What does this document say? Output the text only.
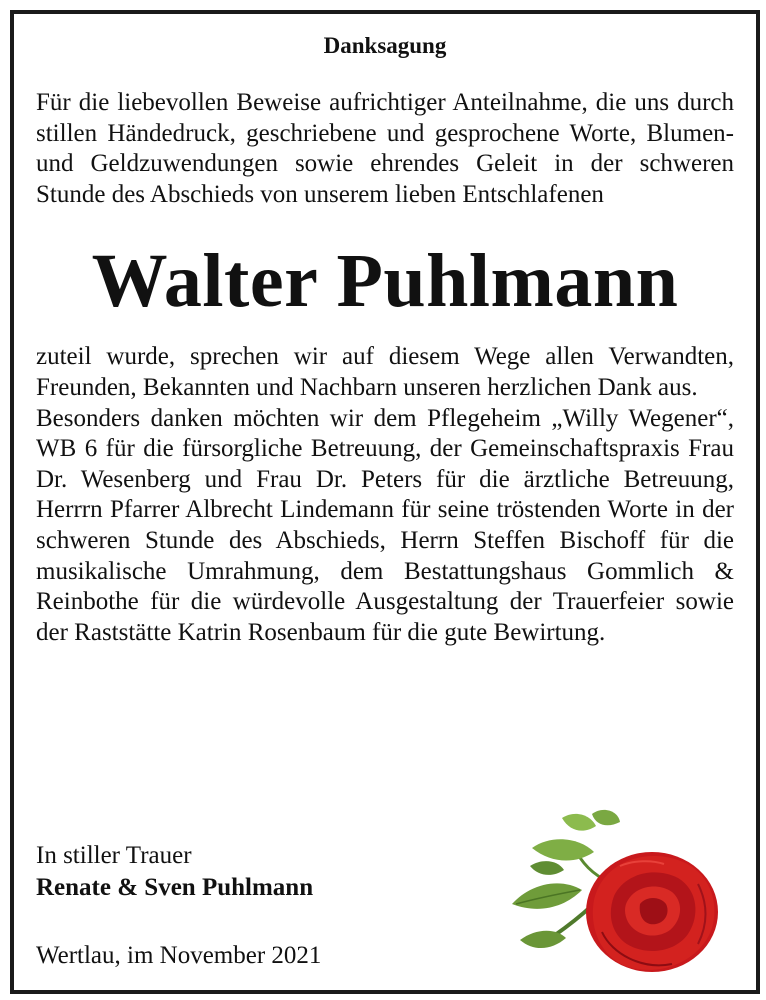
Danksagung

Für die liebevollen Beweise aufrichtiger Anteilnahme, die uns durch stillen Händedruck, geschriebene und gesprochene Worte, Blumen- und Geldzuwendungen sowie ehrendes Geleit in der schweren Stunde des Abschieds von unserem lieben Entschlafenen

Walter Puhlmann

zuteil wurde, sprechen wir auf diesem Wege allen Verwandten, Freunden, Bekannten und Nachbarn unseren herzlichen Dank aus.

Besonders danken möchten wir dem Pflegeheim „Willy Wegener“, WB 6 für die fürsorgliche Betreuung, der Gemeinschaftspraxis Frau Dr. Wesenberg und Frau Dr. Peters für die ärztliche Betreuung, Herrrn Pfarrer Albrecht Lindemann für seine tröstenden Worte in der schweren Stunde des Abschieds, Herrn Steffen Bischoff für die musikalische Umrahmung, dem Bestattungshaus Gommlich & Reinbothe für die würdevolle Ausgestaltung der Trauerfeier sowie der Raststätte Katrin Rosenbaum für die gute Bewirtung.

In stiller Trauer
Renate & Sven Puhlmann
Wertlau, im November 2021
